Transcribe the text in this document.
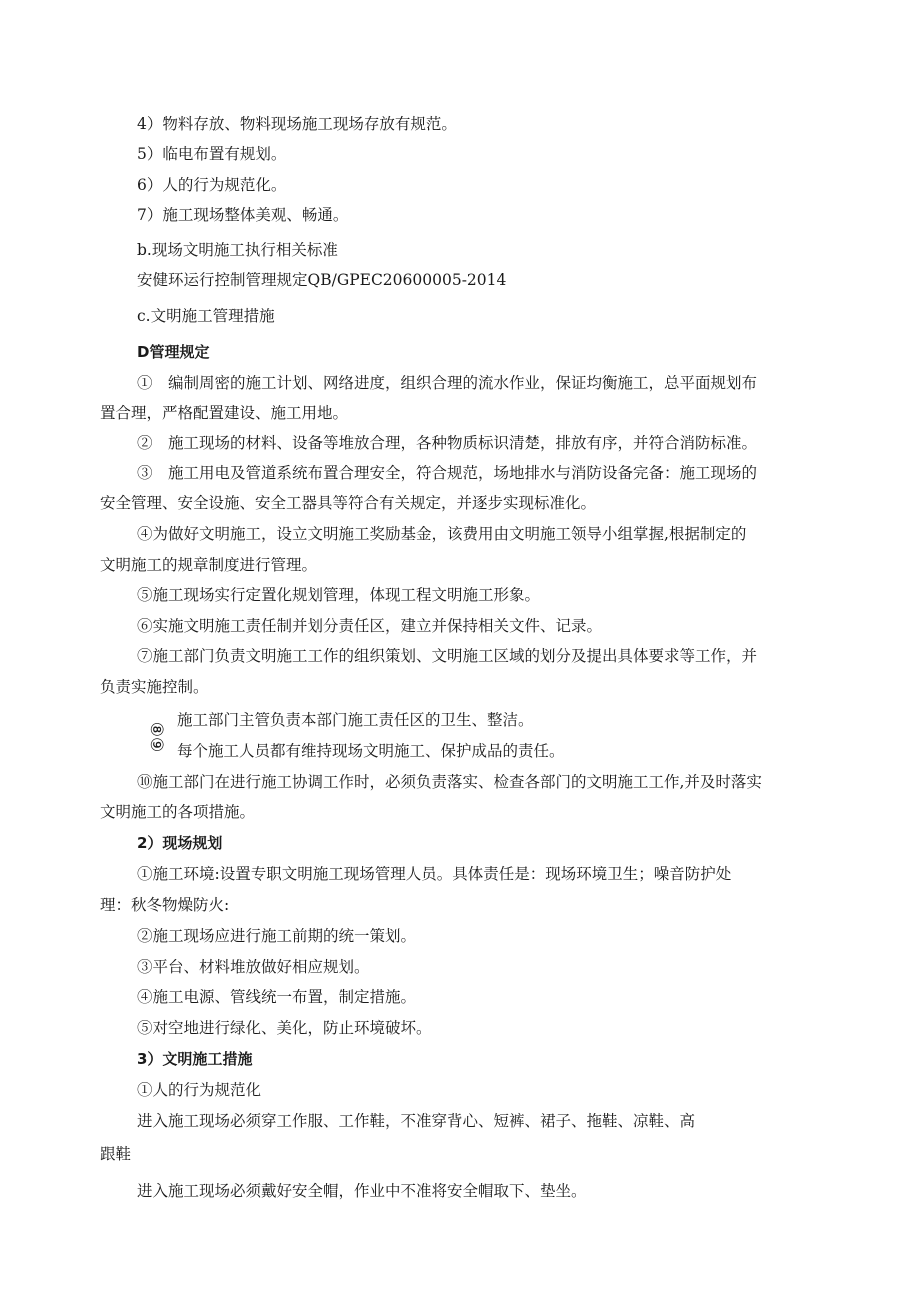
4）物料存放、物料现场施工现场存放有规范。
5）临电布置有规划。
6）人的行为规范化。
7）施工现场整体美观、畅通。
b.现场文明施工执行相关标准
安健环运行控制管理规定QB/GPEC20600005-2014
c.文明施工管理措施
D管理规定
①　编制周密的施工计划、网络进度，组织合理的流水作业，保证均衡施工，总平面规划布
置合理，严格配置建设、施工用地。
②　施工现场的材料、设备等堆放合理，各种物质标识清楚，排放有序，并符合消防标准。
③　施工用电及管道系统布置合理安全，符合规范，场地排水与消防设备完备：施工现场的
安全管理、安全设施、安全工器具等符合有关规定，并逐步实现标准化。
④为做好文明施工，设立文明施工奖励基金，该费用由文明施工领导小组掌握,根据制定的
文明施工的规章制度进行管理。
⑤施工现场实行定置化规划管理，体现工程文明施工形象。
⑥实施文明施工责任制并划分责任区，建立并保持相关文件、记录。
⑦施工部门负责文明施工工作的组织策划、文明施工区域的划分及提出具体要求等工作，并
负责实施控制。
⑧⑨
施工部门主管负责本部门施工责任区的卫生、整洁。
每个施工人员都有维持现场文明施工、保护成品的责任。
⑩施工部门在进行施工协调工作时，必须负责落实、检查各部门的文明施工工作,并及时落实
文明施工的各项措施。
2）现场规划
①施工环境:设置专职文明施工现场管理人员。具体责任是：现场环境卫生；噪音防护处
理：秋冬物燥防火:
②施工现场应进行施工前期的统一策划。
③平台、材料堆放做好相应规划。
④施工电源、管线统一布置，制定措施。
⑤对空地进行绿化、美化，防止环境破坏。
3）文明施工措施
①人的行为规范化
进入施工现场必须穿工作服、工作鞋，不准穿背心、短裤、裙子、拖鞋、凉鞋、高
跟鞋
进入施工现场必须戴好安全帽，作业中不准将安全帽取下、垫坐。
